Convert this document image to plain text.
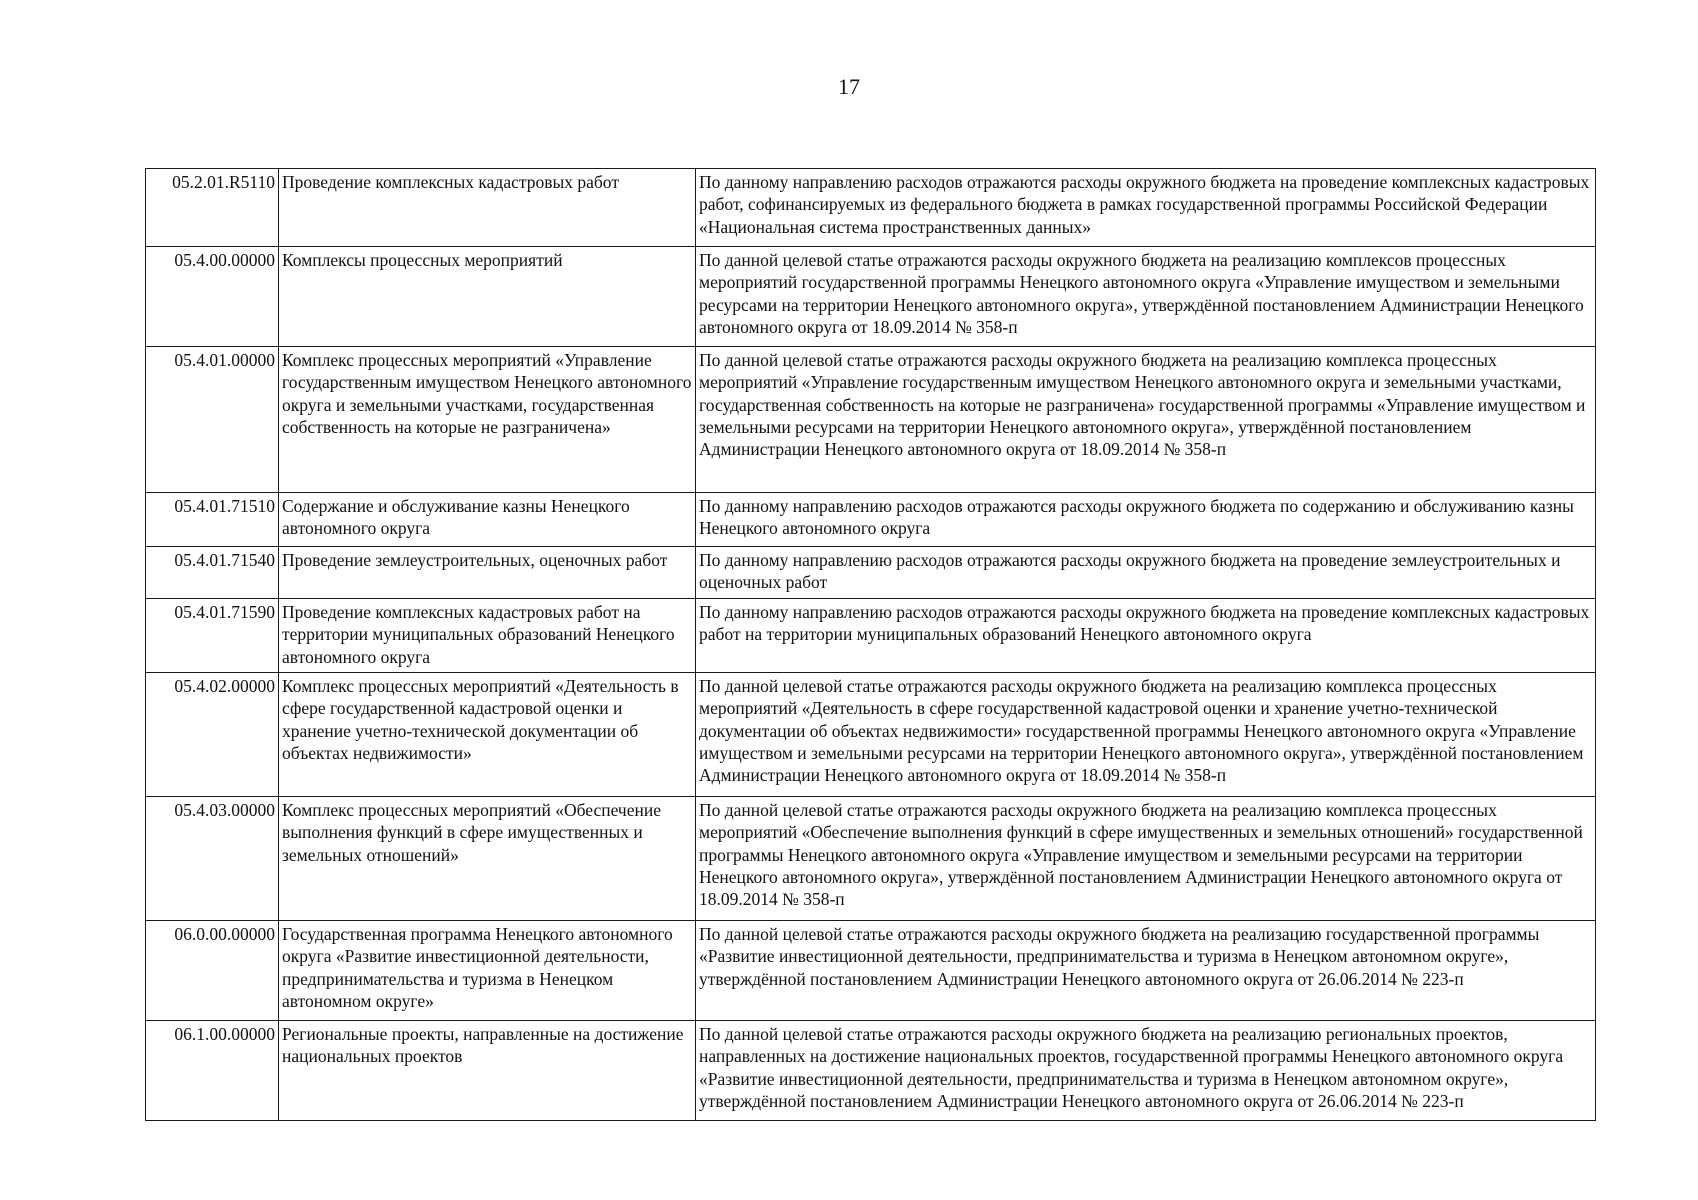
17
05.2.01.R5110	Проведение комплексных кадастровых работ	По данному направлению расходов отражаются расходы окружного бюджета на проведение комплексных кадастровых работ, софинансируемых из федерального бюджета в рамках государственной программы Российской Федерации «Национальная система пространственных данных»
05.4.00.00000	Комплексы процессных мероприятий	По данной целевой статье отражаются расходы окружного бюджета на реализацию комплексов процессных мероприятий государственной программы Ненецкого автономного округа «Управление имуществом и земельными ресурсами на территории Ненецкого автономного округа», утверждённой постановлением Администрации Ненецкого автономного округа от 18.09.2014 № 358-п
05.4.01.00000	Комплекс процессных мероприятий «Управление государственным имуществом Ненецкого автономного округа и земельными участками, государственная собственность на которые не разграничена»	По данной целевой статье отражаются расходы окружного бюджета на реализацию комплекса процессных мероприятий «Управление государственным имуществом Ненецкого автономного округа и земельными участками, государственная собственность на которые не разграничена» государственной программы «Управление имуществом и земельными ресурсами на территории Ненецкого автономного округа», утверждённой постановлением Администрации Ненецкого автономного округа от 18.09.2014 № 358-п
05.4.01.71510	Содержание и обслуживание казны Ненецкого автономного округа	По данному направлению расходов отражаются расходы окружного бюджета по содержанию и обслуживанию казны Ненецкого автономного округа
05.4.01.71540	Проведение землеустроительных, оценочных работ	По данному направлению расходов отражаются расходы окружного бюджета на проведение землеустроительных и оценочных работ
05.4.01.71590	Проведение комплексных кадастровых работ на территории муниципальных образований Ненецкого автономного округа	По данному направлению расходов отражаются расходы окружного бюджета на проведение комплексных кадастровых работ на территории муниципальных образований Ненецкого автономного округа
05.4.02.00000	Комплекс процессных мероприятий «Деятельность в сфере государственной кадастровой оценки и хранение учетно-технической документации об объектах недвижимости»	По данной целевой статье отражаются расходы окружного бюджета на реализацию комплекса процессных мероприятий «Деятельность в сфере государственной кадастровой оценки и хранение учетно-технической документации об объектах недвижимости» государственной программы Ненецкого автономного округа «Управление имуществом и земельными ресурсами на территории Ненецкого автономного округа», утверждённой постановлением Администрации Ненецкого автономного округа от 18.09.2014 № 358-п
05.4.03.00000	Комплекс процессных мероприятий «Обеспечение выполнения функций в сфере имущественных и земельных отношений»	По данной целевой статье отражаются расходы окружного бюджета на реализацию комплекса процессных мероприятий «Обеспечение выполнения функций в сфере имущественных и земельных отношений» государственной программы Ненецкого автономного округа «Управление имуществом и земельными ресурсами на территории Ненецкого автономного округа», утверждённой постановлением Администрации Ненецкого автономного округа от 18.09.2014 № 358-п
06.0.00.00000	Государственная программа Ненецкого автономного округа «Развитие инвестиционной деятельности, предпринимательства и туризма в Ненецком автономном округе»	По данной целевой статье отражаются расходы окружного бюджета на реализацию государственной программы «Развитие инвестиционной деятельности, предпринимательства и туризма в Ненецком автономном округе», утверждённой постановлением Администрации Ненецкого автономного округа от 26.06.2014 № 223-п
06.1.00.00000	Региональные проекты, направленные на достижение национальных проектов	По данной целевой статье отражаются расходы окружного бюджета на реализацию региональных проектов, направленных на достижение национальных проектов, государственной программы Ненецкого автономного округа «Развитие инвестиционной деятельности, предпринимательства и туризма в Ненецком автономном округе», утверждённой постановлением Администрации Ненецкого автономного округа от 26.06.2014 № 223-п
